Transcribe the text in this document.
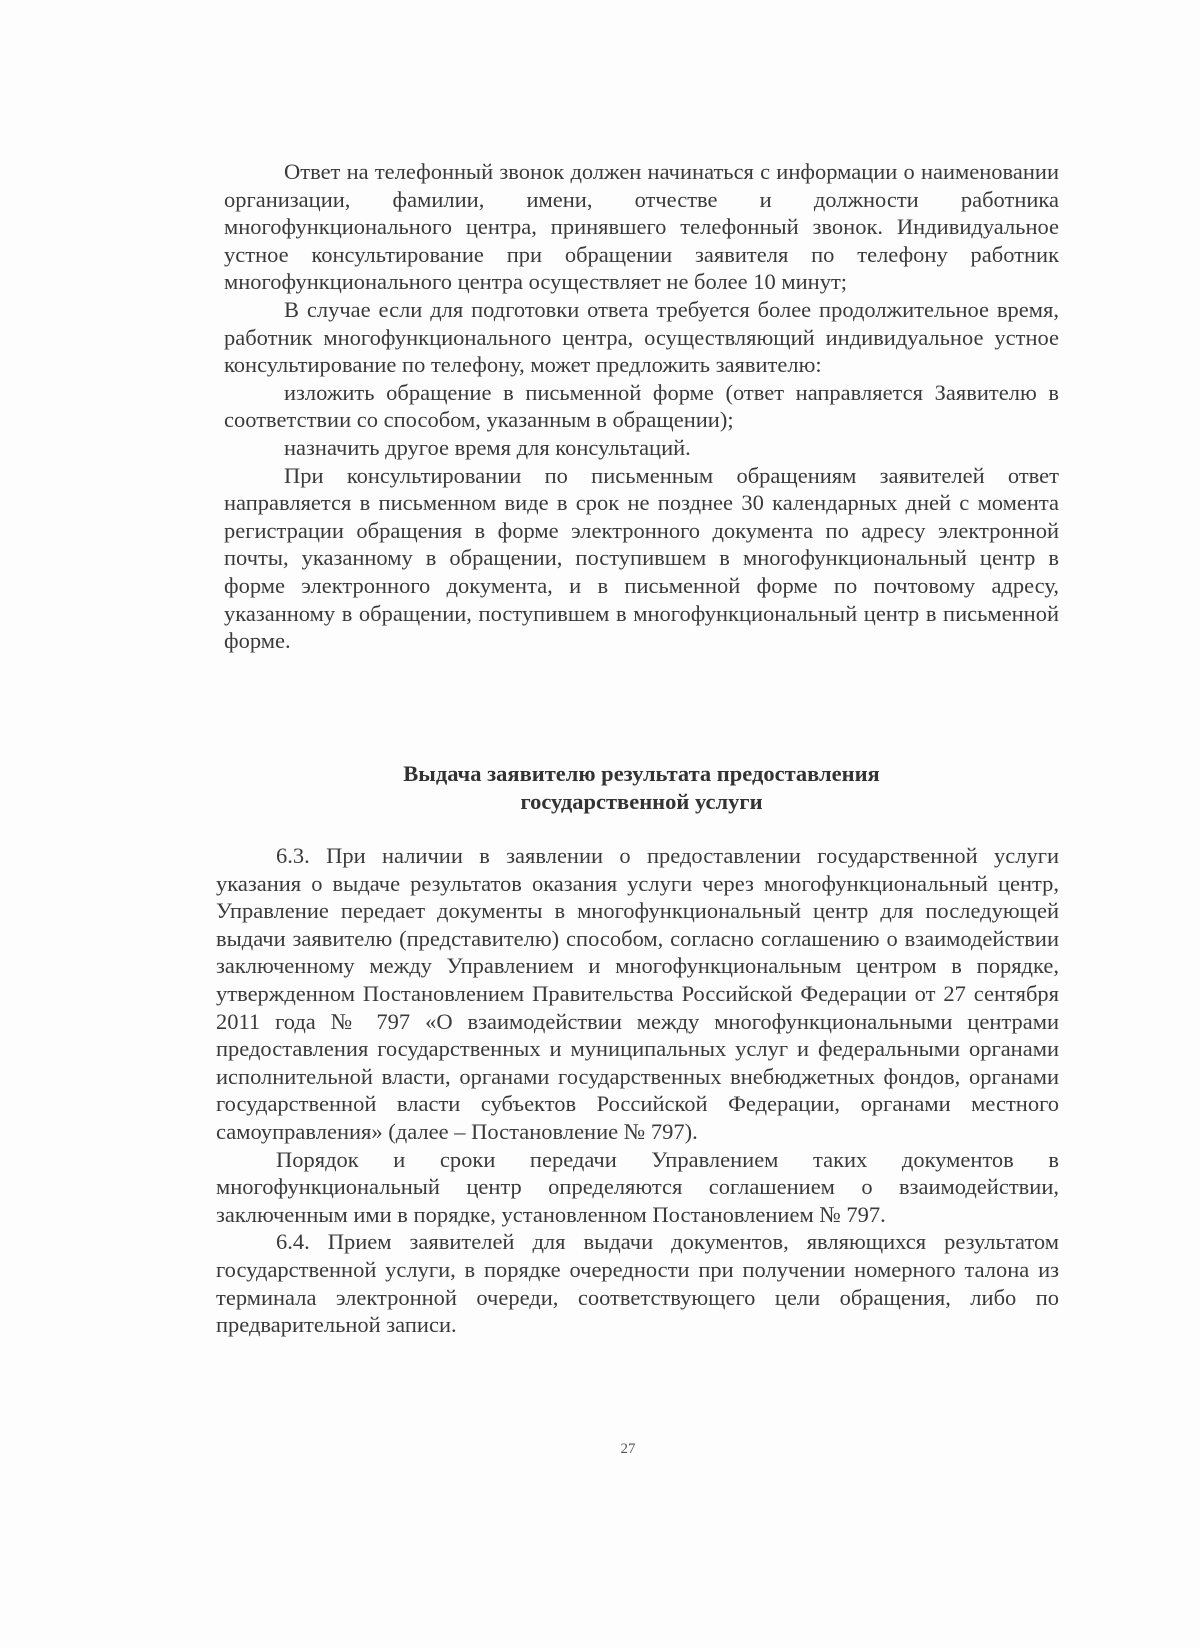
Ответ на телефонный звонок должен начинаться с информации о наименовании организации, фамилии, имени, отчестве и должности работника многофункционального центра, принявшего телефонный звонок. Индивидуальное устное консультирование при обращении заявителя по телефону работник многофункционального центра осуществляет не более 10 минут;

В случае если для подготовки ответа требуется более продолжительное время, работник многофункционального центра, осуществляющий индивидуальное устное консультирование по телефону, может предложить заявителю:

изложить обращение в письменной форме (ответ направляется Заявителю в соответствии со способом, указанным в обращении);

назначить другое время для консультаций.

При консультировании по письменным обращениям заявителей ответ направляется в письменном виде в срок не позднее 30 календарных дней с момента регистрации обращения в форме электронного документа по адресу электронной почты, указанному в обращении, поступившем в многофункциональный центр в форме электронного документа, и в письменной форме по почтовому адресу, указанному в обращении, поступившем в многофункциональный центр в письменной форме.

Выдача заявителю результата предоставления
государственной услуги

6.3. При наличии в заявлении о предоставлении государственной услуги указания о выдаче результатов оказания услуги через многофункциональный центр, Управление передает документы в многофункциональный центр для последующей выдачи заявителю (представителю) способом, согласно соглашению о взаимодействии заключенному между Управлением и многофункциональным центром в порядке, утвержденном Постановлением Правительства Российской Федерации от 27 сентября 2011 года № 797 «О взаимодействии между многофункциональными центрами предоставления государственных и муниципальных услуг и федеральными органами исполнительной власти, органами государственных внебюджетных фондов, органами государственной власти субъектов Российской Федерации, органами местного самоуправления» (далее – Постановление № 797).

Порядок и сроки передачи Управлением таких документов в многофункциональный центр определяются соглашением о взаимодействии, заключенным ими в порядке, установленном Постановлением № 797.

6.4. Прием заявителей для выдачи документов, являющихся результатом государственной услуги, в порядке очередности при получении номерного талона из терминала электронной очереди, соответствующего цели обращения, либо по предварительной записи.

27
